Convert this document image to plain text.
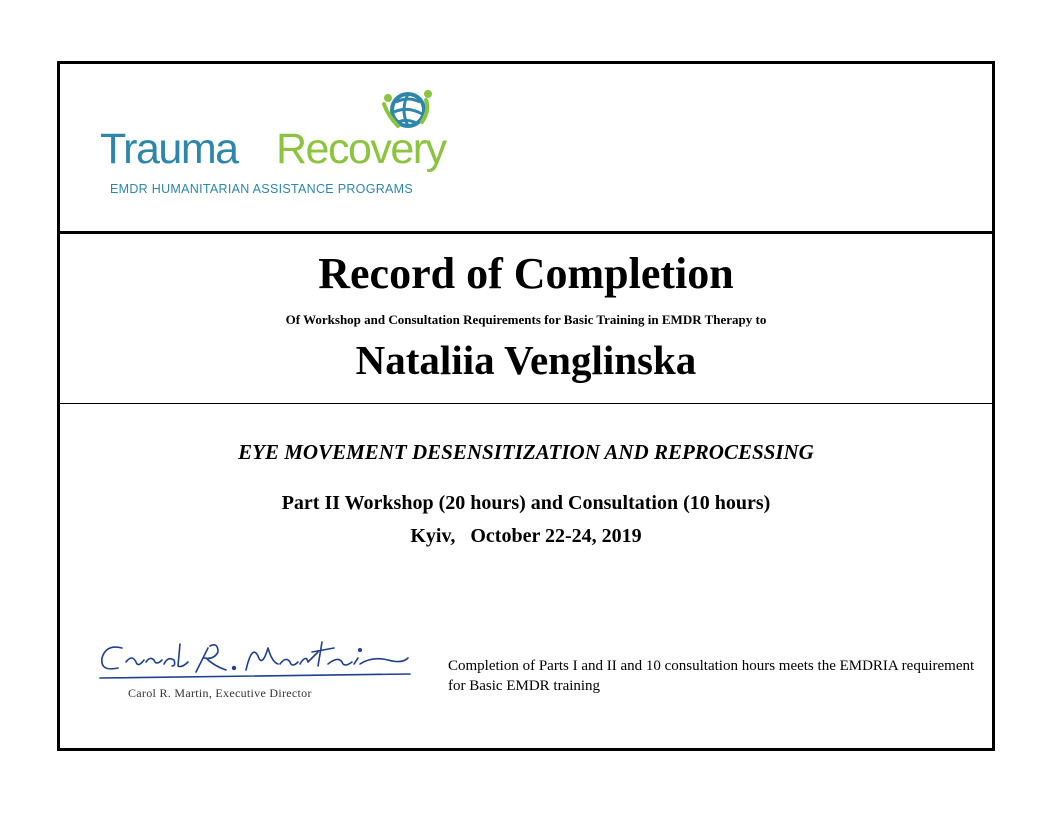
Trauma Recovery
EMDR HUMANITARIAN ASSISTANCE PROGRAMS
Record of Completion
Of Workshop and Consultation Requirements for Basic Training in EMDR Therapy to
Nataliia Venglinska
EYE MOVEMENT DESENSITIZATION AND REPROCESSING
Part II Workshop (20 hours) and Consultation (10 hours)
Kyiv,   October 22-24, 2019
Carol R. Martin, Executive Director
Completion of Parts I and II and 10 consultation hours meets the EMDRIA requirement for Basic EMDR training
